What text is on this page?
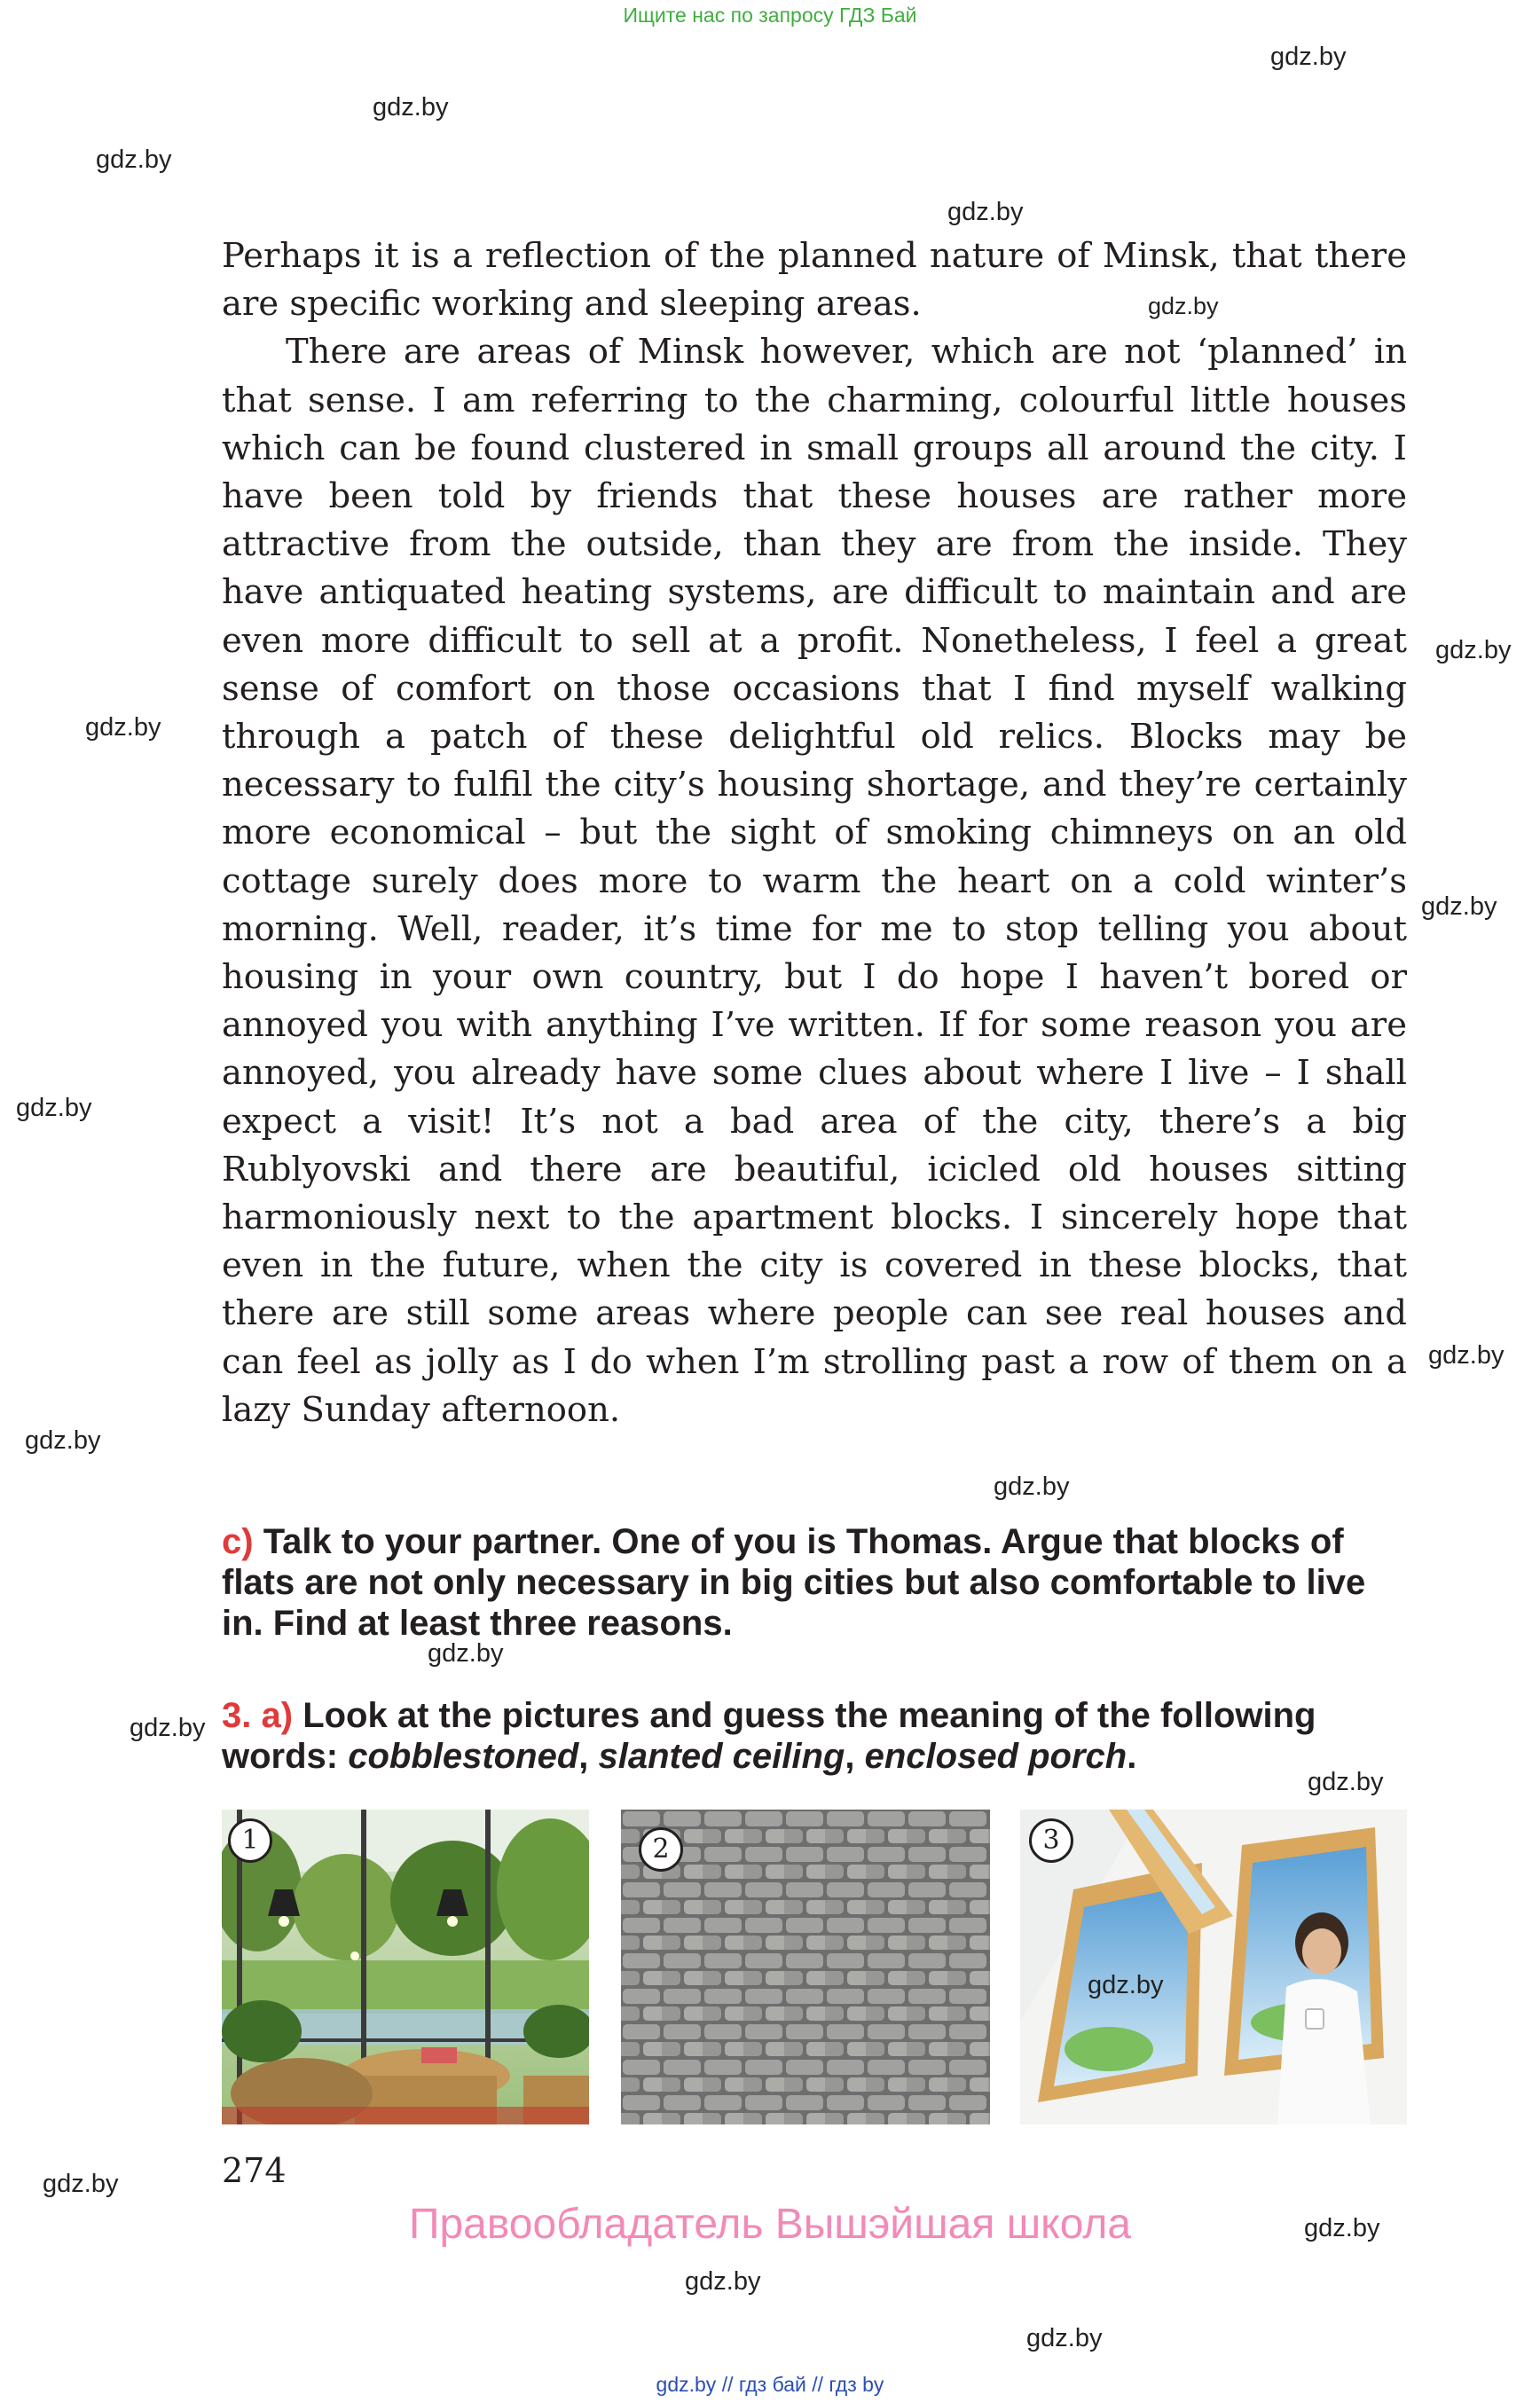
Ищите нас по запросу ГДЗ Бай
gdz.by
gdz.by
gdz.by
gdz.by
gdz.by
gdz.by
gdz.by
gdz.by
gdz.by
gdz.by
gdz.by
gdz.by
gdz.by
gdz.by
gdz.by
gdz.by
gdz.by
gdz.by
gdz.by

Perhaps it is a reflection of the planned nature of Minsk, that there are specific working and sleeping areas.

There are areas of Minsk however, which are not ‘planned’ in that sense. I am referring to the charming, colourful little houses which can be found clustered in small groups all around the city. I have been told by friends that these houses are rather more attractive from the outside, than they are from the inside. They have antiquated heating systems, are difficult to maintain and are even more difficult to sell at a profit. Nonetheless, I feel a great sense of comfort on those occasions that I find myself walking through a patch of these delightful old relics. Blocks may be necessary to fulfil the city’s housing shortage, and they’re certainly more economical – but the sight of smoking chimneys on an old cottage surely does more to warm the heart on a cold winter’s morning. Well, reader, it’s time for me to stop telling you about housing in your own country, but I do hope I haven’t bored or annoyed you with anything I’ve written. If for some reason you are annoyed, you already have some clues about where I live – I shall expect a visit! It’s not a bad area of the city, there’s a big Rublyovski and there are beautiful, icicled old houses sitting harmoniously next to the apartment blocks. I sincerely hope that even in the future, when the city is covered in these blocks, that there are still some areas where people can see real houses and can feel as jolly as I do when I’m strolling past a row of them on a lazy Sunday afternoon.

c) Talk to your partner. One of you is Thomas. Argue that blocks of flats are not only necessary in big cities but also comfortable to live in. Find at least three reasons.
3. a) Look at the pictures and guess the meaning of the following words: cobblestoned, slanted ceiling, enclosed porch.
1	2	3
gdz.by
274
Правообладатель Вышэйшая школа
gdz.by // гдз бай // гдз by
